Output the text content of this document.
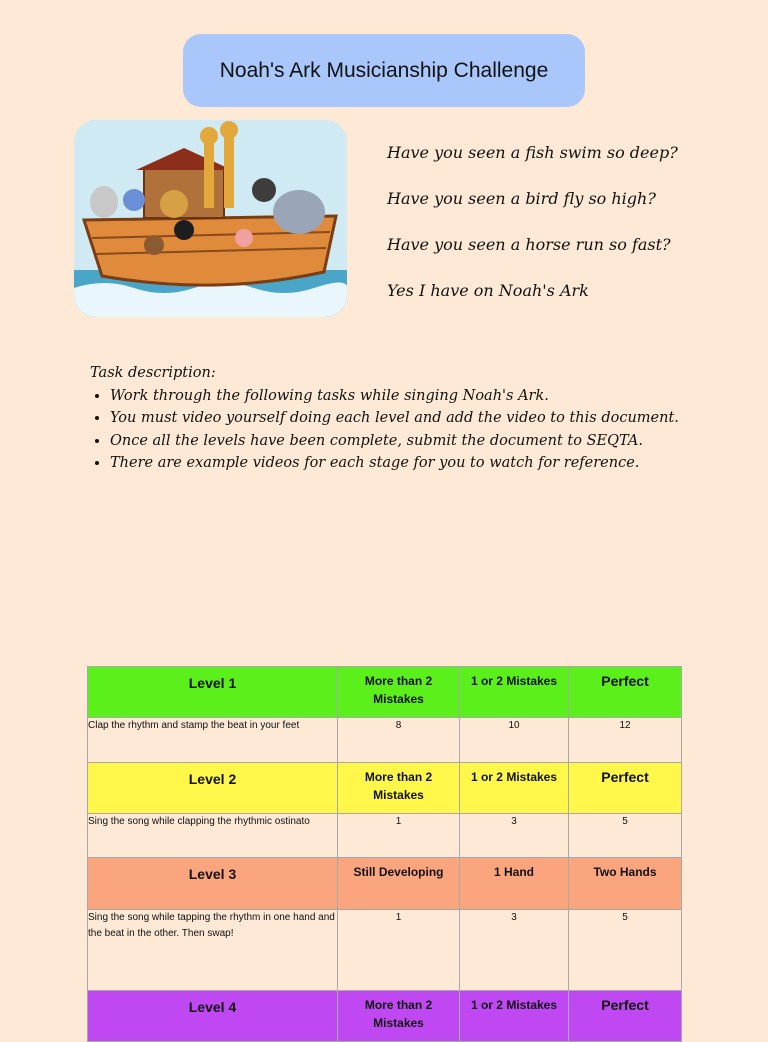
Noah's Ark Musicianship Challenge

Have you seen a fish swim so deep?

Have you seen a bird fly so high?

Have you seen a horse run so fast?

Yes I have on Noah's Ark

Task description:

• Work through the following tasks while singing Noah's Ark.
• You must video yourself doing each level and add the video to this document.
• Once all the levels have been complete, submit the document to SEQTA.
• There are example videos for each stage for you to watch for reference.
Level 1	More than 2 Mistakes	1 or 2 Mistakes	Perfect
Clap the rhythm and stamp the beat in your feet	8	10	12
Level 2	More than 2 Mistakes	1 or 2 Mistakes	Perfect
Sing the song while clapping the rhythmic ostinato	1	3	5
Level 3	Still Developing	1 Hand	Two Hands
Sing the song while tapping the rhythm in one hand and the beat in the other. Then swap!	1	3	5
Level 4	More than 2 Mistakes	1 or 2 Mistakes	Perfect
